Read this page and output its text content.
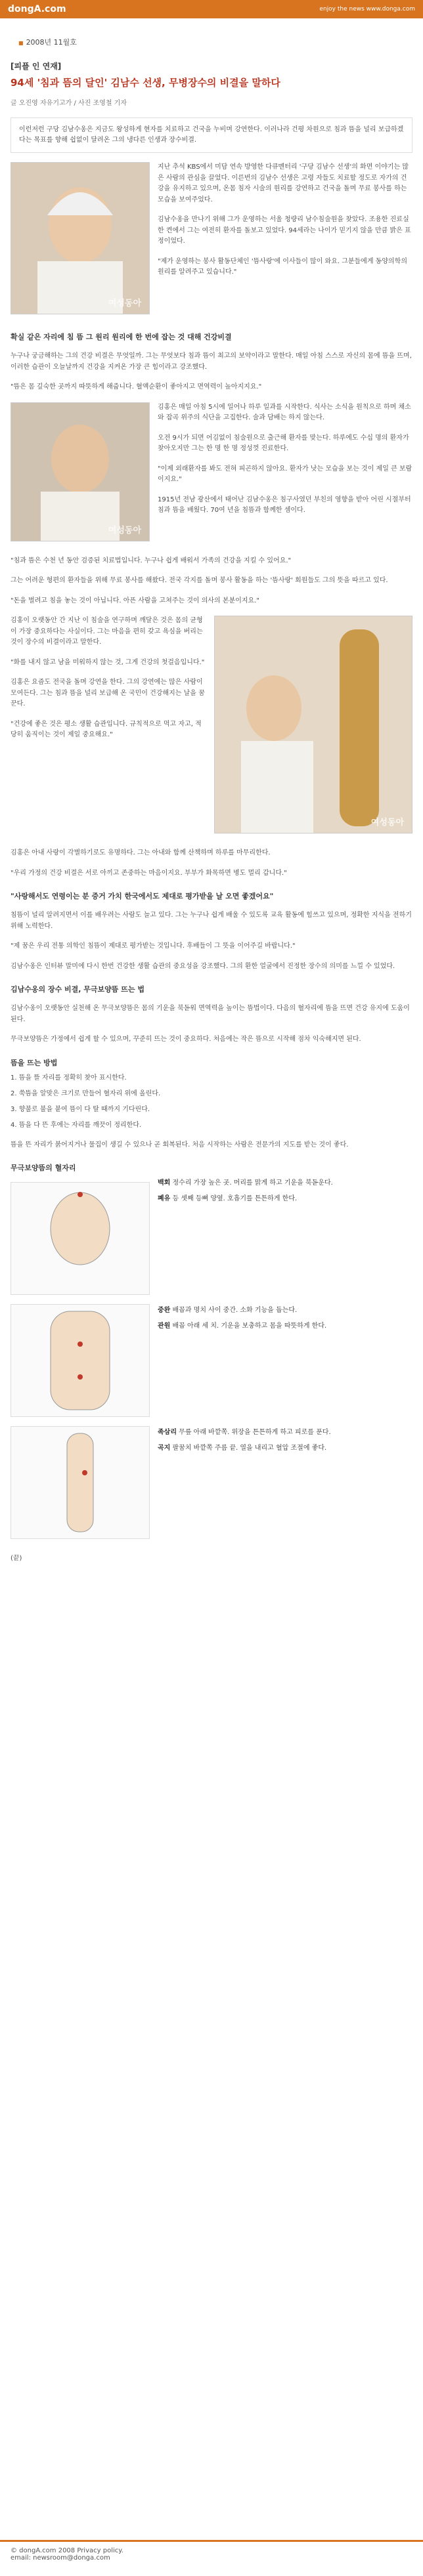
dongA.com	enjoy the news www.donga.com
■ 2008년 11월호
[피플 인 연재]
94세 '침과 뜸의 달인' 김남수 선생, 무병장수의 비결을 말하다
글 오진영 자유기고가 / 사진 조영철 기자
이런저런 구당 김남수옹은 지금도 왕성하게 현자를 치료하고 건국을 누비며 강연한다. 이러나라 건평 차원으로 침과 뜸을 널리 보급하겠다는 목표를 향해 쉽없이 달려온 그의 냉다른 인생과 장수비결.
여성동아

지난 추석 KBS에서 미담 연속 방영한 다큐멘터리 '구당 김남수 선생'의 화면 이야기는 많은 사람의 관심을 끌었다. 이른번의 김남수 선생은 고령 자들도 치료할 정도로 자가의 건강을 유지하고 있으며, 온몸 침자 시술의 원리를 강연하고 건국을 돌며 무료 봉사를 하는 모습을 보여주었다.

김남수옹을 만나기 위해 그가 운영하는 서울 청량리 남수침술원을 찾았다. 조용한 진료실 한 켠에서 그는 여전히 환자를 돌보고 있었다. 94세라는 나이가 믿기지 않을 만큼 밝은 표정이었다.

"제가 운영하는 봉사 활동단체인 '뜸사랑'에 이사들이 많이 와요. 그분들에게 동양의학의 원리를 알려주고 있습니다."

확실 같은 자리에 침 뜸 그 원리 원리에 한 번에 잡는 것 대해 건강비결

누구나 궁금해하는 그의 건강 비결은 무엇일까. 그는 무엇보다 침과 뜸이 최고의 보약이라고 말한다. 매일 아침 스스로 자신의 몸에 뜸을 뜨며, 이러한 습관이 오늘날까지 건강을 지켜온 가장 큰 힘이라고 강조했다.

"뜸은 몸 깊숙한 곳까지 따뜻하게 해줍니다. 혈액순환이 좋아지고 면역력이 높아지지요."

여성동아

김홍은 매일 아침 5시에 일어나 하루 일과를 시작한다. 식사는 소식을 원칙으로 하며 채소와 잡곡 위주의 식단을 고집한다. 술과 담배는 하지 않는다.

오전 9시가 되면 어김없이 침술원으로 출근해 환자를 맞는다. 하루에도 수십 명의 환자가 찾아오지만 그는 한 명 한 명 정성껏 진료한다.

"이제 외래환자를 봐도 전혀 피곤하지 않아요. 환자가 낫는 모습을 보는 것이 제일 큰 보람이지요."

1915년 전남 광산에서 태어난 김남수옹은 침구사였던 부친의 영향을 받아 어린 시절부터 침과 뜸을 배웠다. 70여 년을 침뜸과 함께한 셈이다.

"침과 뜸은 수천 년 동안 검증된 치료법입니다. 누구나 쉽게 배워서 가족의 건강을 지킬 수 있어요."

그는 어려운 형편의 환자들을 위해 무료 봉사를 해왔다. 전국 각지를 돌며 봉사 활동을 하는 '뜸사랑' 회원들도 그의 뜻을 따르고 있다.

"돈을 벌려고 침을 놓는 것이 아닙니다. 아픈 사람을 고쳐주는 것이 의사의 본분이지요."

여성동아

김홍이 오랫동안 간 지난 이 침술을 연구하며 깨달은 것은 몸의 균형이 가장 중요하다는 사실이다. 그는 마음을 편히 갖고 욕심을 버리는 것이 장수의 비결이라고 말한다.

"화를 내지 않고 남을 미워하지 않는 것, 그게 건강의 첫걸음입니다."

김홍은 요즘도 전국을 돌며 강연을 한다. 그의 강연에는 많은 사람이 모여든다. 그는 침과 뜸을 널리 보급해 온 국민이 건강해지는 날을 꿈꾼다.

"건강에 좋은 것은 평소 생활 습관입니다. 규칙적으로 먹고 자고, 적당히 움직이는 것이 제일 중요해요."

김홍은 아내 사랑이 각별하기로도 유명하다. 그는 아내와 함께 산책하며 하루를 마무리한다.

"우리 가정의 건강 비결은 서로 아끼고 존중하는 마음이지요. 부부가 화목하면 병도 멀리 갑니다."

"사랑해서도 연령이는 분 증거 가치 한국에서도 제대로 평가받을 날 오면 좋겠어요"

침뜸이 널리 알려지면서 이를 배우려는 사람도 늘고 있다. 그는 누구나 쉽게 배울 수 있도록 교육 활동에 힘쓰고 있으며, 정확한 지식을 전하기 위해 노력한다.

"제 꿈은 우리 전통 의학인 침뜸이 제대로 평가받는 것입니다. 후배들이 그 뜻을 이어주길 바랍니다."

김남수옹은 인터뷰 말미에 다시 한번 건강한 생활 습관의 중요성을 강조했다. 그의 환한 얼굴에서 진정한 장수의 의미를 느낄 수 있었다.

김남수옹의 장수 비결, 무극보양뜸 뜨는 법

김남수옹이 오랫동안 실천해 온 무극보양뜸은 몸의 기운을 북돋워 면역력을 높이는 뜸법이다. 다음의 혈자리에 뜸을 뜨면 건강 유지에 도움이 된다.

무극보양뜸은 가정에서 쉽게 할 수 있으며, 꾸준히 뜨는 것이 중요하다. 처음에는 작은 뜸으로 시작해 점차 익숙해지면 된다.

뜸을 뜨는 방법

1. 뜸을 뜰 자리를 정확히 찾아 표시한다.

2. 쑥뜸을 알맞은 크기로 만들어 혈자리 위에 올린다.

3. 향불로 불을 붙여 뜸이 다 탈 때까지 기다린다.

4. 뜸을 다 뜬 후에는 자리를 깨끗이 정리한다.

뜸을 뜬 자리가 붉어지거나 물집이 생길 수 있으나 곧 회복된다. 처음 시작하는 사람은 전문가의 지도를 받는 것이 좋다.

무극보양뜸의 혈자리
백회 정수리 가장 높은 곳. 머리를 맑게 하고 기운을 북돋운다.
폐유 등 셋째 등뼈 양옆. 호흡기를 튼튼하게 한다.
중완 배꼽과 명치 사이 중간. 소화 기능을 돕는다.
관원 배꼽 아래 세 치. 기운을 보충하고 몸을 따뜻하게 한다.
족삼리 무릎 아래 바깥쪽. 위장을 튼튼하게 하고 피로를 푼다.
곡지 팔꿈치 바깥쪽 주름 끝. 열을 내리고 혈압 조절에 좋다.

(끝)

© dongA.com 2008 Privacy policy.
email: newsroom@donga.com
